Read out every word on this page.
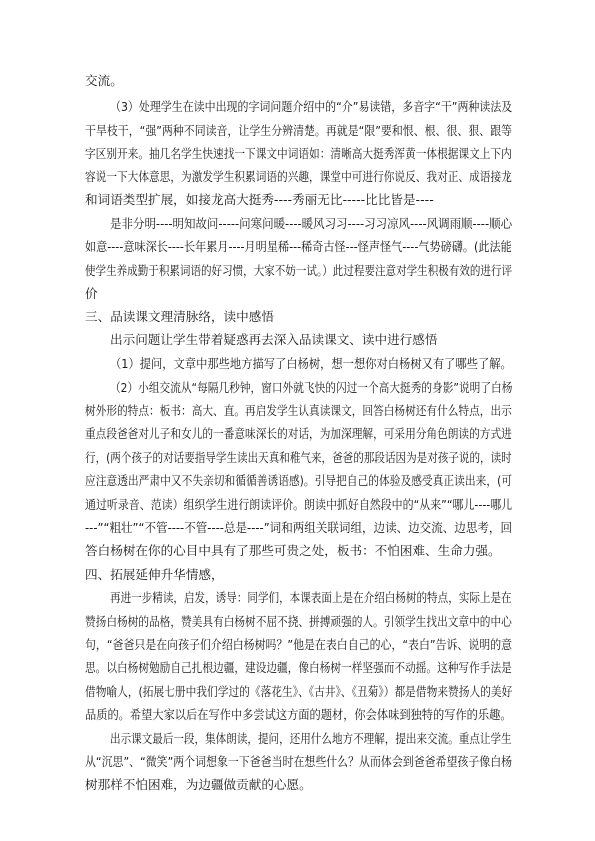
交流。
（3）处理学生在读中出现的字词问题介绍中的“介”易读错，多音字“干”两种读法及
干旱枝干，“强”两种不同读音，让学生分辨清楚。再就是“限”要和恨、根、很、狠、跟等
字区别开来。抽几名学生快速找一下课文中词语如：清晰高大挺秀浑黄一体根据课文上下内
容说一下大体意思，为激发学生积累词语的兴趣，课堂中可进行你说反、我对正、成语接龙
和词语类型扩展，如接龙高大挺秀----秀丽无比-----比比皆是----
是非分明----明知故问-----问寒问暖----暖风习习----习习凉风----风调雨顺----顺心
如意----意味深长----长年累月----月明星稀---稀奇古怪---怪声怪气----气势磅礴。(此法能
使学生养成勤于积累词语的好习惯，大家不妨一试。）此过程要注意对学生积极有效的进行评
价
三、品读课文理清脉络，读中感悟
出示问题让学生带着疑惑再去深入品读课文、读中进行感悟
（1）提问，文章中那些地方描写了白杨树，想一想你对白杨树又有了哪些了解。
（2）小组交流从“每隔几秒钟，窗口外就飞快的闪过一个高大挺秀的身影”说明了白杨
树外形的特点：板书：高大、直。再启发学生认真读课文，回答白杨树还有什么特点，出示
重点段爸爸对儿子和女儿的一番意味深长的对话，为加深理解，可采用分角色朗读的方式进
行，(两个孩子的对话要指导学生读出天真和稚气来，爸爸的那段话因为是对孩子说的，读时
应注意透出严肃中又不失亲切和循循善诱语感)。引导把自己的体验及感受真正读出来，(可
通过听录音、范读）组织学生进行朗读评价。朗读中抓好自然段中的“从来”“哪儿----哪儿
---”“粗壮”“不管----不管----总是----”词和两组关联词组，边读、边交流、边思考，回
答白杨树在你的心目中具有了那些可贵之处，板书：不怕困难、生命力强。
四、拓展延伸升华情感，
再进一步精读，启发，诱导：同学们，本课表面上是在介绍白杨树的特点，实际上是在
赞扬白杨树的品格，赞美具有白杨树不屈不挠、拼搏顽强的人。引领学生找出文章中的中心
句，“爸爸只是在向孩子们介绍白杨树吗？”他是在表白自己的心，“表白”告诉、说明的意
思。以白杨树勉励自己扎根边疆，建设边疆，像白杨树一样坚强而不动摇。这种写作手法是
借物喻人，(拓展七册中我们学过的《落花生》、《古井》、《丑菊》）都是借物来赞扬人的美好
品质的。希望大家以后在写作中多尝试这方面的题材，你会体味到独特的写作的乐趣。
出示课文最后一段，集体朗读，提问，还用什么地方不理解，提出来交流。重点让学生
从“沉思”、“微笑”两个词想象一下爸爸当时在想些什么？从而体会到爸爸希望孩子像白杨
树那样不怕困难，为边疆做贡献的心愿。
